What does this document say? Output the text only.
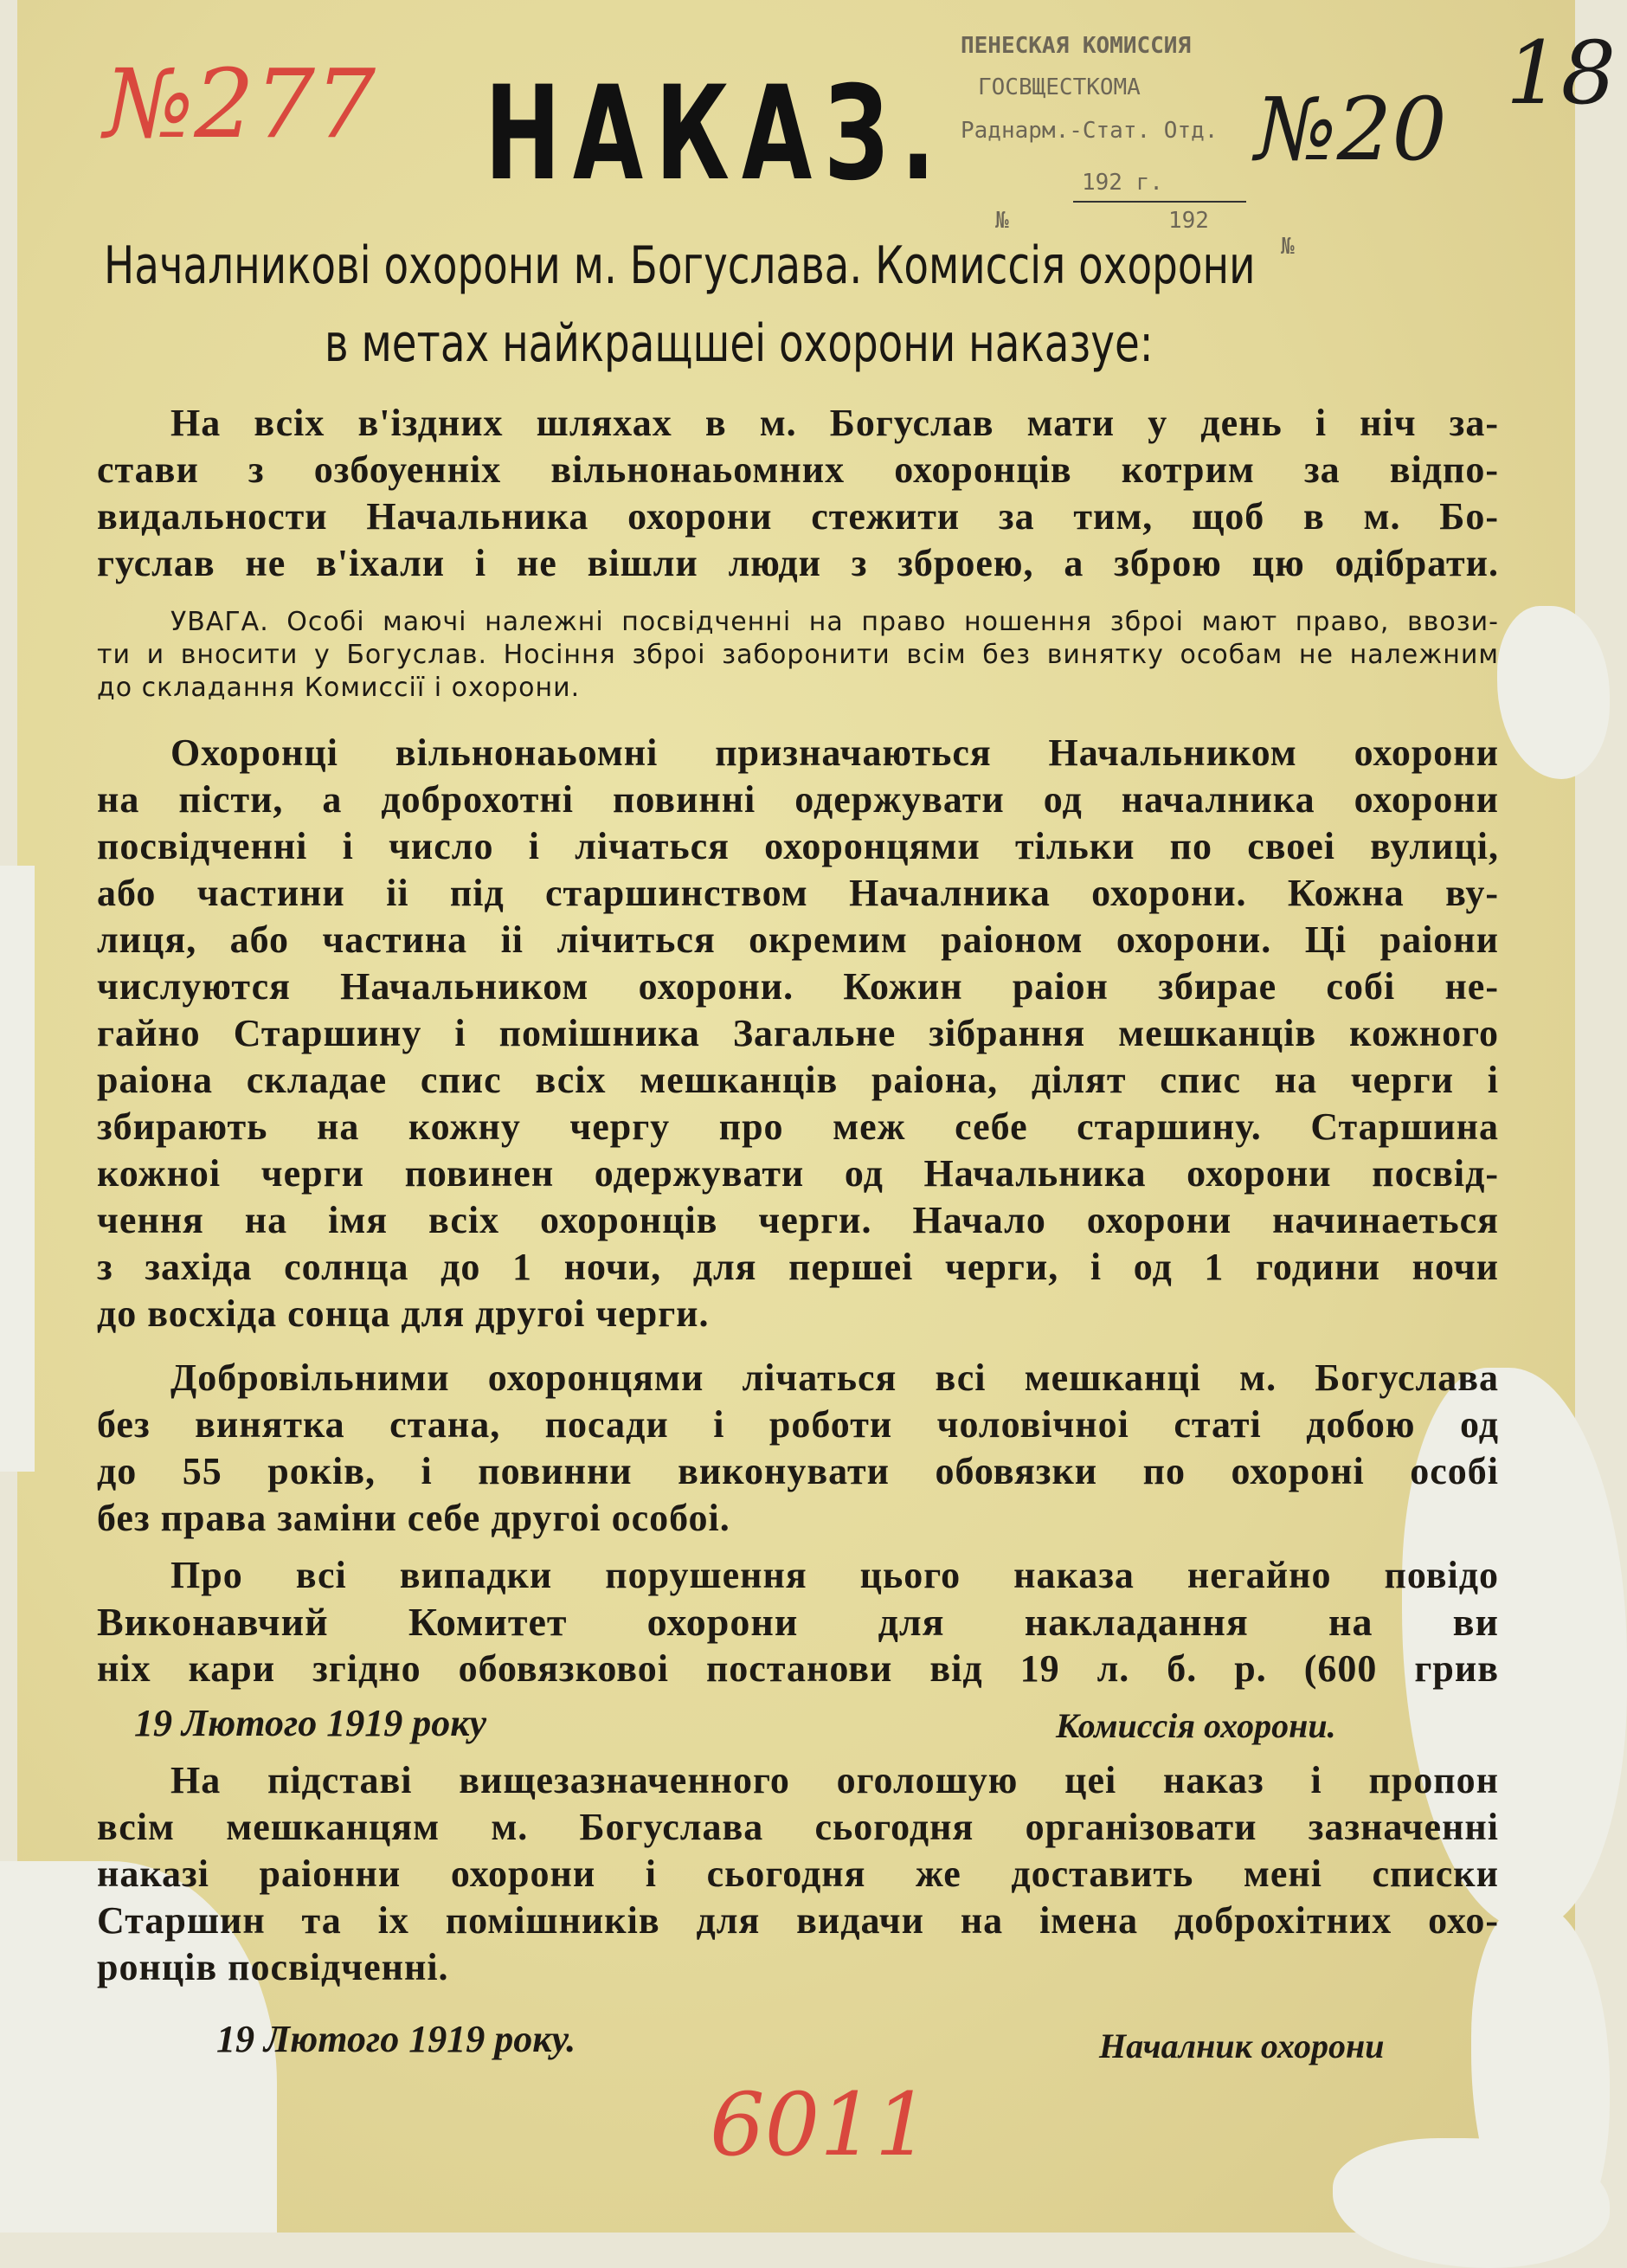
ПЕНЕСКАЯ КОМИССИЯ
ГОСВЩЕСТКОМА
Раднарм.-Стат. Отд.
192 г.
№	192
№
№277	№20
18
НАКАЗ.
Началникові охорони м. Богуслава. Комиссія охорони
в метах найкращшеі охорони наказуе:
На всіх в'іздних шляхах в м. Богуслав мати у день і ніч за-
стави з озбоуенніх вільнонаьомних охоронців котрим за відпо-
видальности Начальника охорони стежити за тим, щоб в м. Бо-
гуслав не в'іхали і не вішли люди з зброею, а зброю цю одібрати.
УВАГА. Особі маючі належні посвідченні на право ношення зброі мают право, ввози-
ти и вносити у Богуслав. Носіння зброі заборонити всім без винятку особам не належним
до складання Комиссії і охорони.
Охоронці вільнонаьомні призначаються Начальником охорони
на пісти, а доброхотні повинні одержувати од началника охорони
посвідченні і число і лічаться охоронцями тільки по своеі вулиці,
або частини іі під старшинством Началника охорони. Кожна ву-
лиця, або частина іі лічиться окремим раіоном охорони. Ці раіони
числуются Начальником охорони. Кожин раіон збирае собі не-
гайно Старшину і помішника Загальне зібрання мешканців кожного
раіона складае спис всіх мешканців раіона, ділят спис на черги і
збирають на кожну чергу про меж себе старшину. Старшина
кожноі черги повинен одержувати од Начальника охорони посвід-
чення на імя всіх охоронців черги. Начало охорони начинаеться
з західа солнца до 1 ночи, для першеі черги, і од 1 години ночи
до восхіда сонца для другоі черги.
Добровільними охоронцями лічаться всі мешканці м. Богуслава
без винятка стана, посади і роботи чоловічноі статі добою од
до 55 років, і повинни виконувати обовязки по охороні особі
без права заміни себе другоі особоі.
Про всі випадки порушення цього наказа негайно повідо
Виконавчий Комитет охорони для накладання на ви
ніх кари згідно обовязковоі постанови від 19 л. б. р. (600 грив
19 Лютого 1919 року	Комиссія охорони.
На підставі вищезазначенного оголошую цеі наказ і пропон
всім мешканцям м. Богуслава сьогодня організовати зазначенні
наказі раіонни охорони і сьогодня же доставить мені списки
Старшин та іх помішників для видачи на імена доброхітних охо-
ронців посвідченні.
19 Лютого 1919 року.	Началник охорони
6011
